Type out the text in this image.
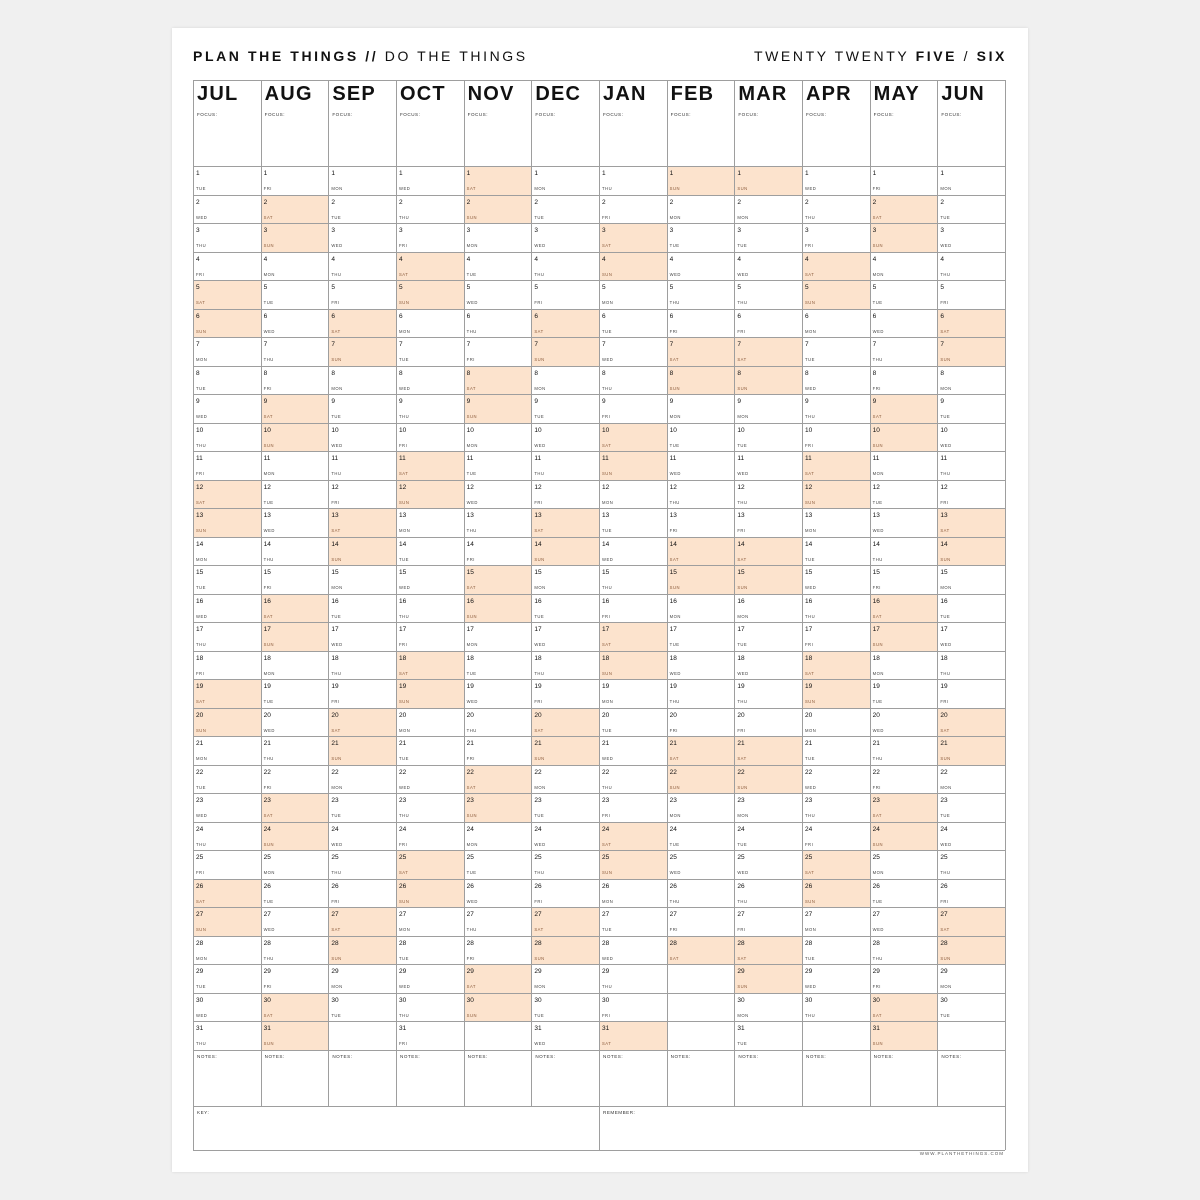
PLAN THE THINGS // DO THE THINGS	TWENTY TWENTY FIVE / SIX
1
TUE
2
WED
3
THU
4
FRI
5
SAT
6
SUN
7
MON
8
TUE
9
WED
10
THU
11
FRI
12
SAT
13
SUN
14
MON
15
TUE
16
WED
17
THU
18
FRI
19
SAT
20
SUN
21
MON
22
TUE
23
WED
24
THU
25
FRI
26
SAT
27
SUN
28
MON
29
TUE
30
WED
31
THU
1
FRI
2
SAT
3
SUN
4
MON
5
TUE
6
WED
7
THU
8
FRI
9
SAT
10
SUN
11
MON
12
TUE
13
WED
14
THU
15
FRI
16
SAT
17
SUN
18
MON
19
TUE
20
WED
21
THU
22
FRI
23
SAT
24
SUN
25
MON
26
TUE
27
WED
28
THU
29
FRI
30
SAT
31
SUN
1
MON
2
TUE
3
WED
4
THU
5
FRI
6
SAT
7
SUN
8
MON
9
TUE
10
WED
11
THU
12
FRI
13
SAT
14
SUN
15
MON
16
TUE
17
WED
18
THU
19
FRI
20
SAT
21
SUN
22
MON
23
TUE
24
WED
25
THU
26
FRI
27
SAT
28
SUN
29
MON
30
TUE
1
WED
2
THU
3
FRI
4
SAT
5
SUN
6
MON
7
TUE
8
WED
9
THU
10
FRI
11
SAT
12
SUN
13
MON
14
TUE
15
WED
16
THU
17
FRI
18
SAT
19
SUN
20
MON
21
TUE
22
WED
23
THU
24
FRI
25
SAT
26
SUN
27
MON
28
TUE
29
WED
30
THU
31
FRI
1
SAT
2
SUN
3
MON
4
TUE
5
WED
6
THU
7
FRI
8
SAT
9
SUN
10
MON
11
TUE
12
WED
13
THU
14
FRI
15
SAT
16
SUN
17
MON
18
TUE
19
WED
20
THU
21
FRI
22
SAT
23
SUN
24
MON
25
TUE
26
WED
27
THU
28
FRI
29
SAT
30
SUN
1
MON
2
TUE
3
WED
4
THU
5
FRI
6
SAT
7
SUN
8
MON
9
TUE
10
WED
11
THU
12
FRI
13
SAT
14
SUN
15
MON
16
TUE
17
WED
18
THU
19
FRI
20
SAT
21
SUN
22
MON
23
TUE
24
WED
25
THU
26
FRI
27
SAT
28
SUN
29
MON
30
TUE
31
WED
1
THU
2
FRI
3
SAT
4
SUN
5
MON
6
TUE
7
WED
8
THU
9
FRI
10
SAT
11
SUN
12
MON
13
TUE
14
WED
15
THU
16
FRI
17
SAT
18
SUN
19
MON
20
TUE
21
WED
22
THU
23
FRI
24
SAT
25
SUN
26
MON
27
TUE
28
WED
29
THU
30
FRI
31
SAT
1
SUN
2
MON
3
TUE
4
WED
5
THU
6
FRI
7
SAT
8
SUN
9
MON
10
TUE
11
WED
12
THU
13
FRI
14
SAT
15
SUN
16
MON
17
TUE
18
WED
19
THU
20
FRI
21
SAT
22
SUN
23
MON
24
TUE
25
WED
26
THU
27
FRI
28
SAT
1
SUN
2
MON
3
TUE
4
WED
5
THU
6
FRI
7
SAT
8
SUN
9
MON
10
TUE
11
WED
12
THU
13
FRI
14
SAT
15
SUN
16
MON
17
TUE
18
WED
19
THU
20
FRI
21
SAT
22
SUN
23
MON
24
TUE
25
WED
26
THU
27
FRI
28
SAT
29
SUN
30
MON
31
TUE
1
WED
2
THU
3
FRI
4
SAT
5
SUN
6
MON
7
TUE
8
WED
9
THU
10
FRI
11
SAT
12
SUN
13
MON
14
TUE
15
WED
16
THU
17
FRI
18
SAT
19
SUN
20
MON
21
TUE
22
WED
23
THU
24
FRI
25
SAT
26
SUN
27
MON
28
TUE
29
WED
30
THU
1
FRI
2
SAT
3
SUN
4
MON
5
TUE
6
WED
7
THU
8
FRI
9
SAT
10
SUN
11
MON
12
TUE
13
WED
14
THU
15
FRI
16
SAT
17
SUN
18
MON
19
TUE
20
WED
21
THU
22
FRI
23
SAT
24
SUN
25
MON
26
TUE
27
WED
28
THU
29
FRI
30
SAT
31
SUN
1
MON
2
TUE
3
WED
4
THU
5
FRI
6
SAT
7
SUN
8
MON
9
TUE
10
WED
11
THU
12
FRI
13
SAT
14
SUN
15
MON
16
TUE
17
WED
18
THU
19
FRI
20
SAT
21
SUN
22
MON
23
TUE
24
WED
25
THU
26
FRI
27
SAT
28
SUN
29
MON
30
TUE
JUL
FOCUS:
NOTES:
AUG
FOCUS:
NOTES:
SEP
FOCUS:
NOTES:
OCT
FOCUS:
NOTES:
NOV
FOCUS:
NOTES:
DEC
FOCUS:
NOTES:
JAN
FOCUS:
NOTES:
FEB
FOCUS:
NOTES:
MAR
FOCUS:
NOTES:
APR
FOCUS:
NOTES:
MAY
FOCUS:
NOTES:
JUN
FOCUS:
NOTES:
KEY:	REMEMBER:
WWW.PLANTHETHINGS.COM
